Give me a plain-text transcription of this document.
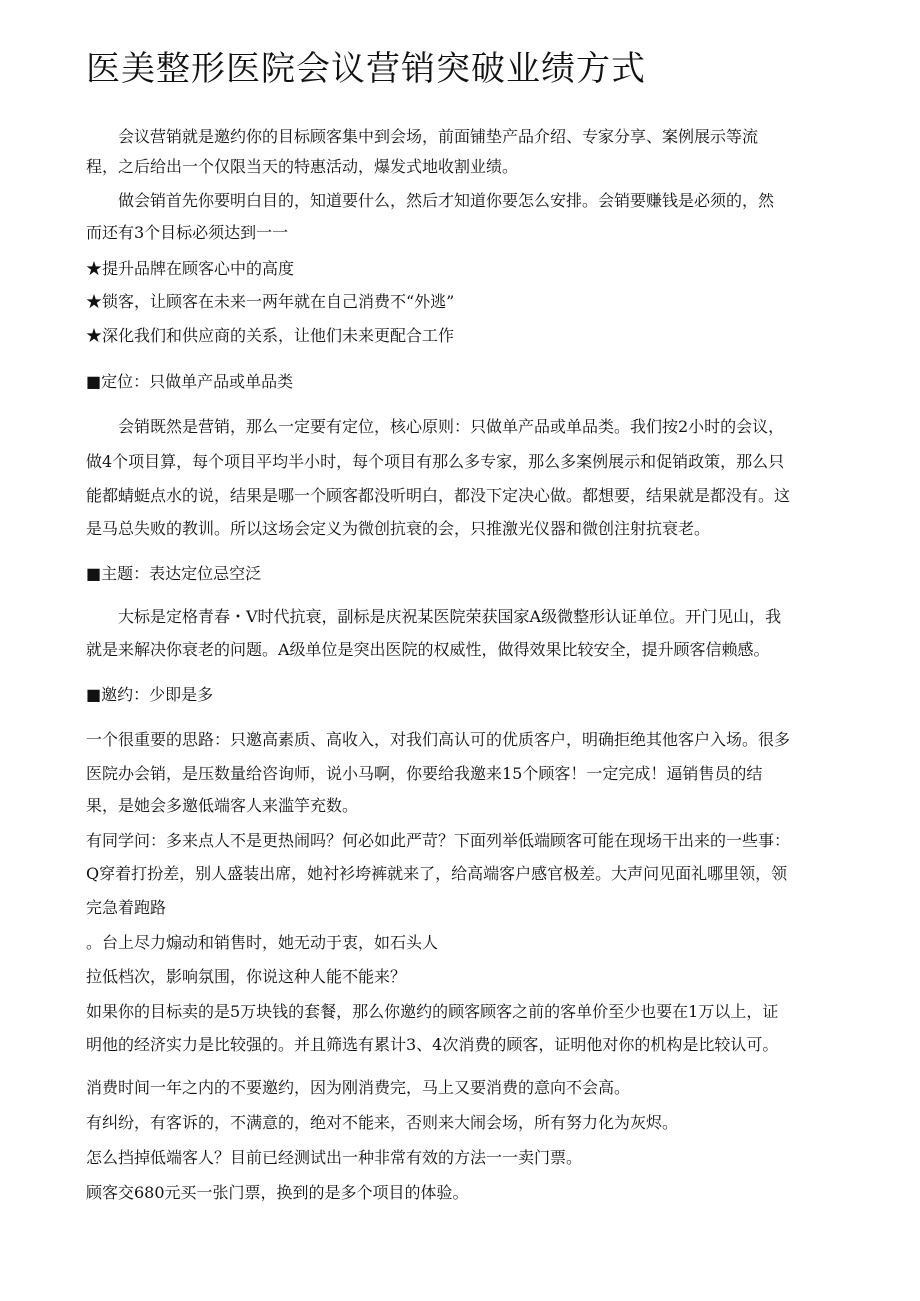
医美整形医院会议营销突破业绩方式

会议营销就是邀约你的目标顾客集中到会场，前面铺垫产品介绍、专家分享、案例展示等流

程，之后给出一个仅限当天的特惠活动，爆发式地收割业绩。

做会销首先你要明白目的，知道要什么，然后才知道你要怎么安排。会销要赚钱是必须的，然

而还有3个目标必须达到一一

★提升品牌在顾客心中的高度

★锁客，让顾客在未来一两年就在自己消费不“外逃”

★深化我们和供应商的关系，让他们未来更配合工作

■定位：只做单产品或单品类

会销既然是营销，那么一定要有定位，核心原则：只做单产品或单品类。我们按2小时的会议，

做4个项目算，每个项目平均半小时，每个项目有那么多专家，那么多案例展示和促销政策，那么只

能都蜻蜓点水的说，结果是哪一个顾客都没听明白，都没下定决心做。都想要，结果就是都没有。这

是马总失败的教训。所以这场会定义为微创抗衰的会，只推激光仪器和微创注射抗衰老。

■主题：表达定位忌空泛

大标是定格青春・V时代抗衰，副标是庆祝某医院荣获国家A级微整形认证单位。开门见山，我

就是来解决你衰老的问题。A级单位是突出医院的权威性，做得效果比较安全，提升顾客信赖感。

■邀约：少即是多

一个很重要的思路：只邀高素质、高收入，对我们高认可的优质客户，明确拒绝其他客户入场。很多

医院办会销，是压数量给咨询师，说小马啊，你要给我邀来15个顾客！一定完成！逼销售员的结

果，是她会多邀低端客人来滥竽充数。

有同学问：多来点人不是更热闹吗？何必如此严苛？下面列举低端顾客可能在现场干出来的一些事：

Q穿着打扮差，别人盛装出席，她衬衫垮裤就来了，给高端客户感官极差。大声问见面礼哪里领，领

完急着跑路

。台上尽力煽动和销售时，她无动于衷，如石头人

拉低档次，影响氛围，你说这种人能不能来？

如果你的目标卖的是5万块钱的套餐，那么你邀约的顾客顾客之前的客单价至少也要在1万以上，证

明他的经济实力是比较强的。并且筛选有累计3、4次消费的顾客，证明他对你的机构是比较认可。

消费时间一年之内的不要邀约，因为刚消费完，马上又要消费的意向不会高。

有纠纷，有客诉的，不满意的，绝对不能来，否则来大闹会场，所有努力化为灰烬。

怎么挡掉低端客人？目前已经测试出一种非常有效的方法一一卖门票。

顾客交680元买一张门票，换到的是多个项目的体验。
